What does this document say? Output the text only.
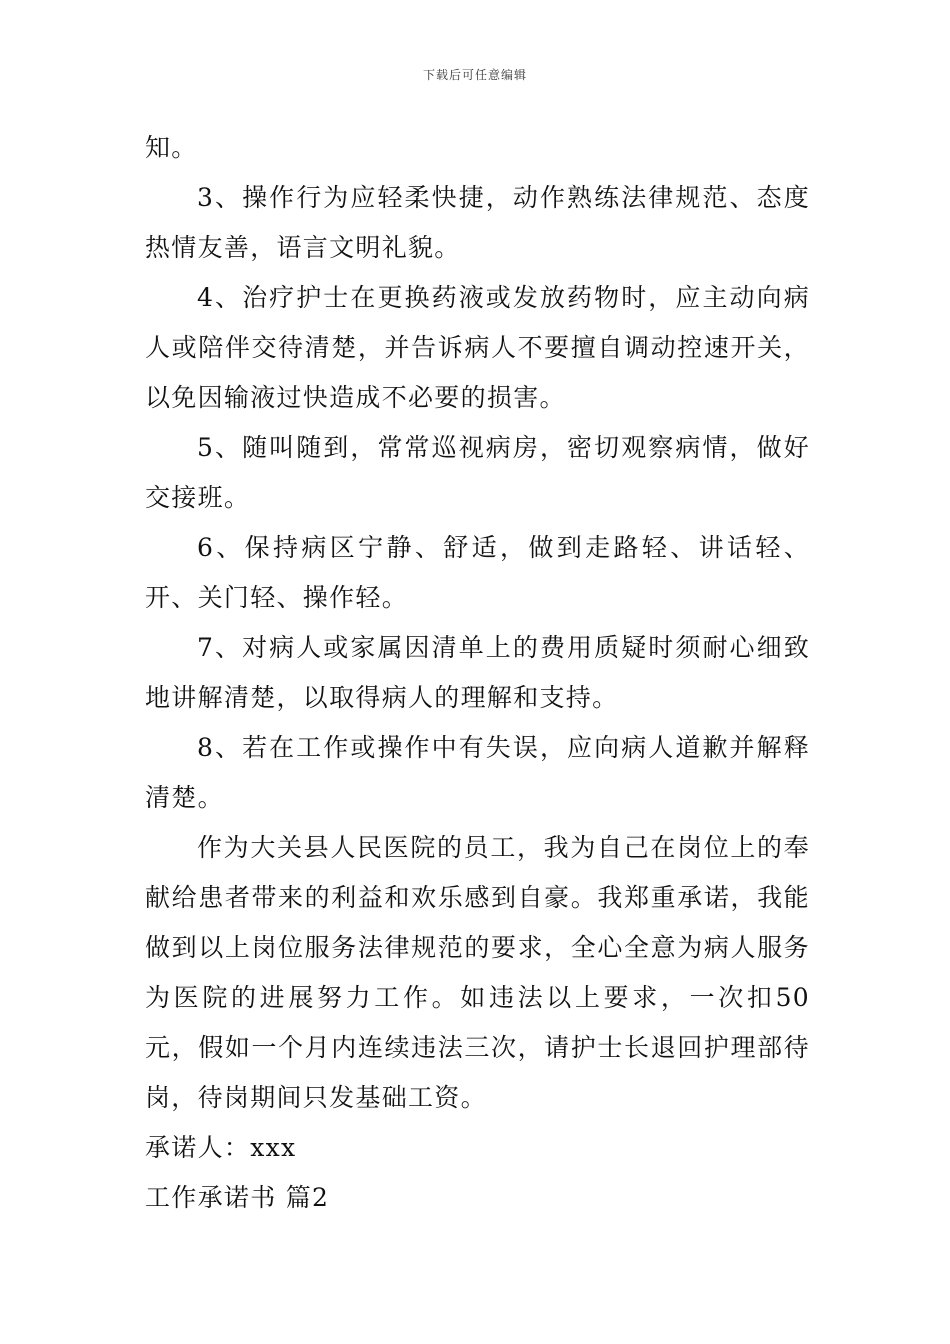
下载后可任意编辑

知。

3、操作行为应轻柔快捷，动作熟练法律规范、态度热情友善，语言文明礼貌。

4、治疗护士在更换药液或发放药物时，应主动向病人或陪伴交待清楚，并告诉病人不要擅自调动控速开关，以免因输液过快造成不必要的损害。

5、随叫随到，常常巡视病房，密切观察病情，做好交接班。

6、保持病区宁静、舒适，做到走路轻、讲话轻、开、关门轻、操作轻。

7、对病人或家属因清单上的费用质疑时须耐心细致地讲解清楚，以取得病人的理解和支持。

8、若在工作或操作中有失误，应向病人道歉并解释清楚。

作为大关县人民医院的员工，我为自己在岗位上的奉献给患者带来的利益和欢乐感到自豪。我郑重承诺，我能做到以上岗位服务法律规范的要求，全心全意为病人服务为医院的进展努力工作。如违法以上要求，一次扣50元，假如一个月内连续违法三次，请护士长退回护理部待岗，待岗期间只发基础工资。

承诺人：xxx

工作承诺书 篇2
